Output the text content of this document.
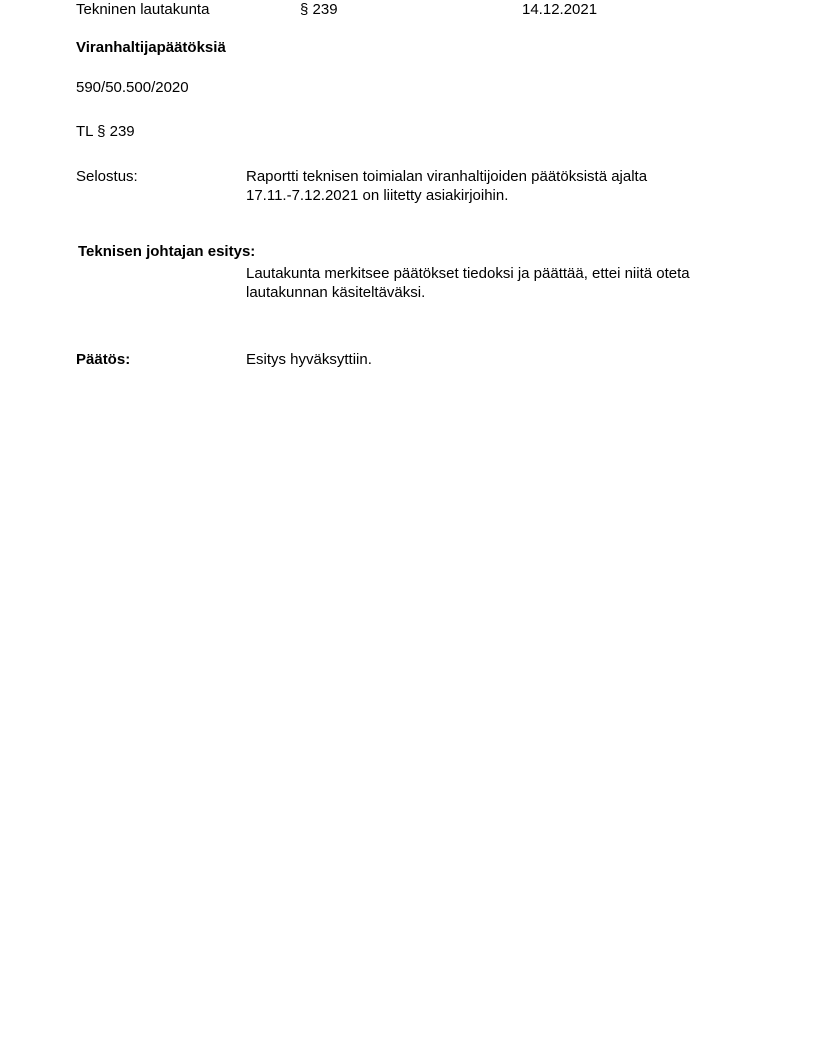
Tekninen lautakunta	§ 239	14.12.2021
Viranhaltijapäätöksiä
590/50.500/2020
TL § 239
Selostus:	Raportti teknisen toimialan viranhaltijoiden päätöksistä ajalta
17.11.-7.12.2021 on liitetty asiakirjoihin.
Teknisen johtajan esitys:
Lautakunta merkitsee päätökset tiedoksi ja päättää, ettei niitä oteta
lautakunnan käsiteltäväksi.
Päätös:	Esitys hyväksyttiin.
